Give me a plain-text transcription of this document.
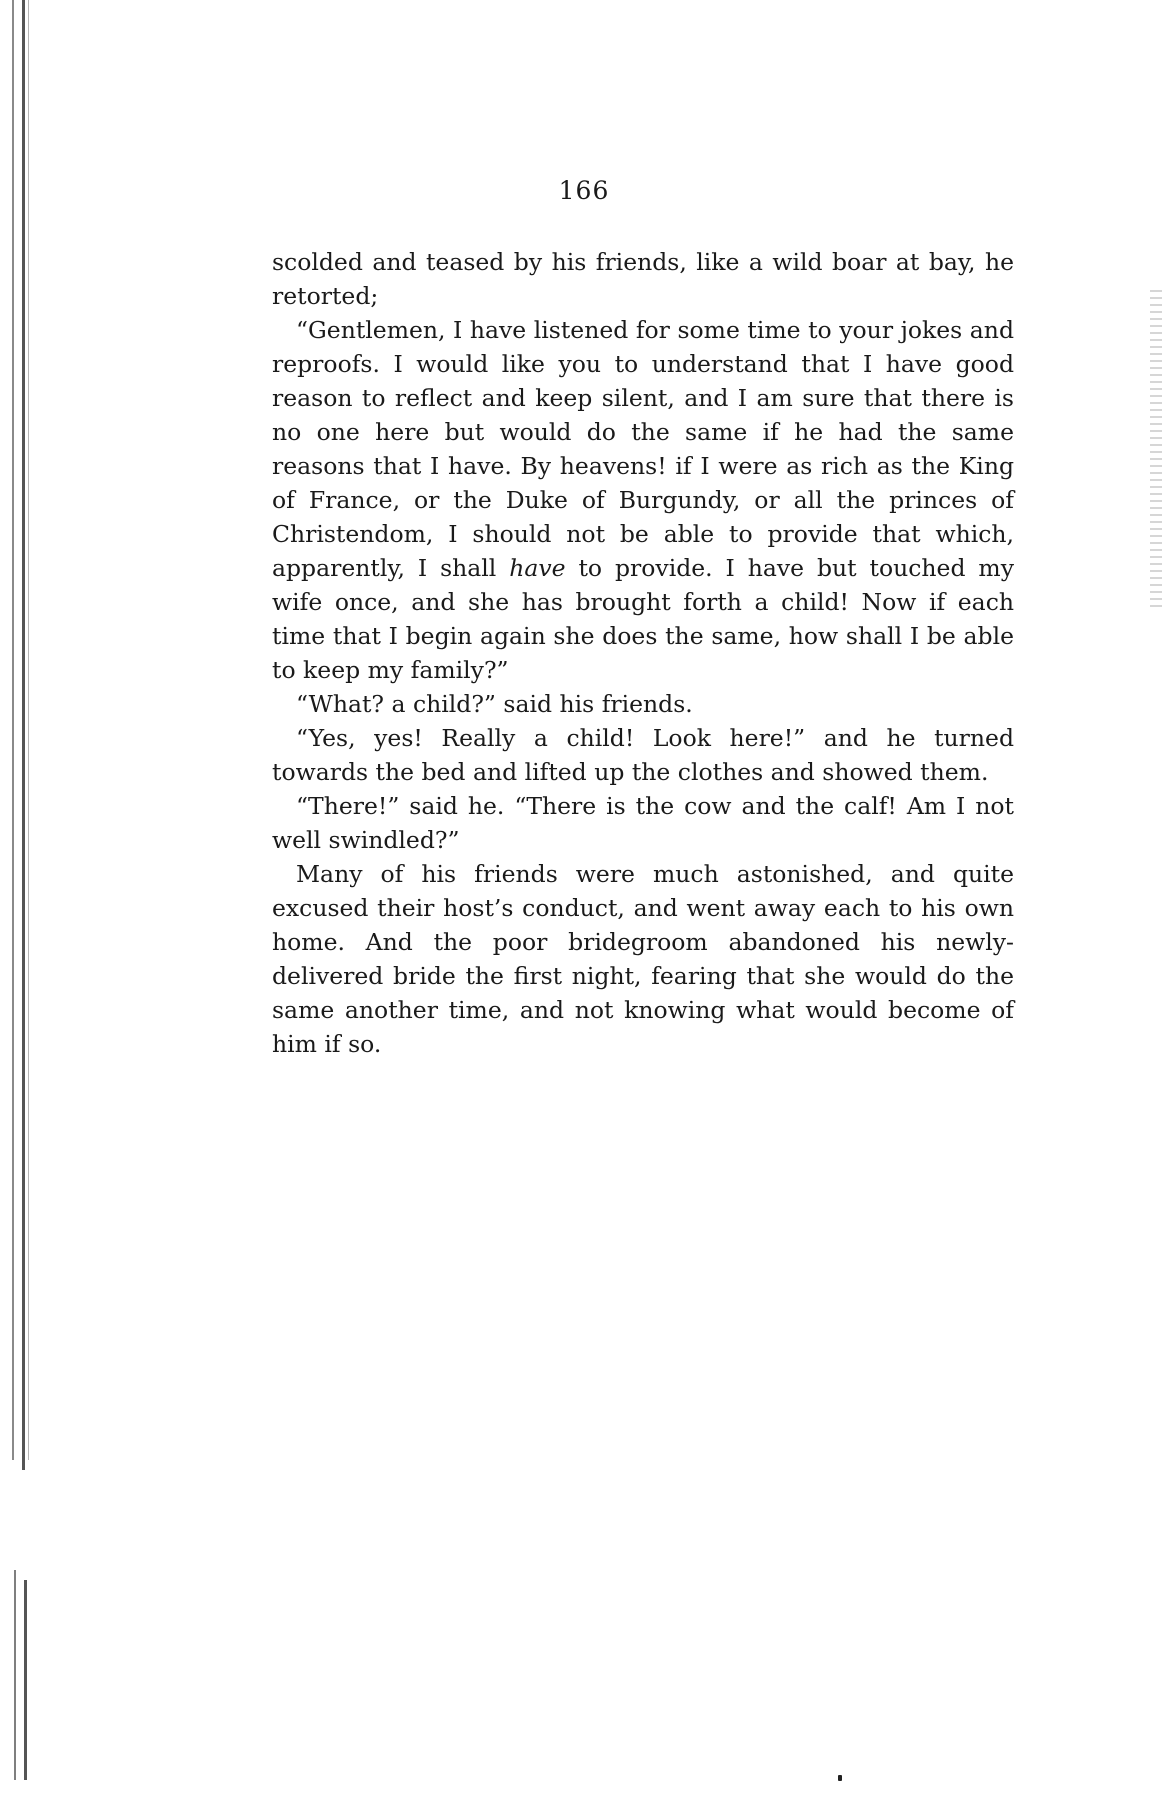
166

scolded and teased by his friends, like a wild boar at bay, he retorted;

“Gentlemen, I have listened for some time to your jokes and reproofs. I would like you to understand that I have good reason to reflect and keep silent, and I am sure that there is no one here but would do the same if he had the same reasons that I have. By heavens! if I were as rich as the King of France, or the Duke of Burgundy, or all the princes of Christendom, I should not be able to provide that which, apparently, I shall have to provide. I have but touched my wife once, and she has brought forth a child! Now if each time that I begin again she does the same, how shall I be able to keep my family?”

“What? a child?” said his friends.

“Yes, yes! Really a child! Look here!” and he turned towards the bed and lifted up the clothes and showed them.

“There!” said he. “There is the cow and the calf! Am I not well swindled?”

Many of his friends were much astonished, and quite excused their host’s conduct, and went away each to his own home. And the poor bridegroom abandoned his newly-delivered bride the first night, fearing that she would do the same another time, and not knowing what would become of him if so.
